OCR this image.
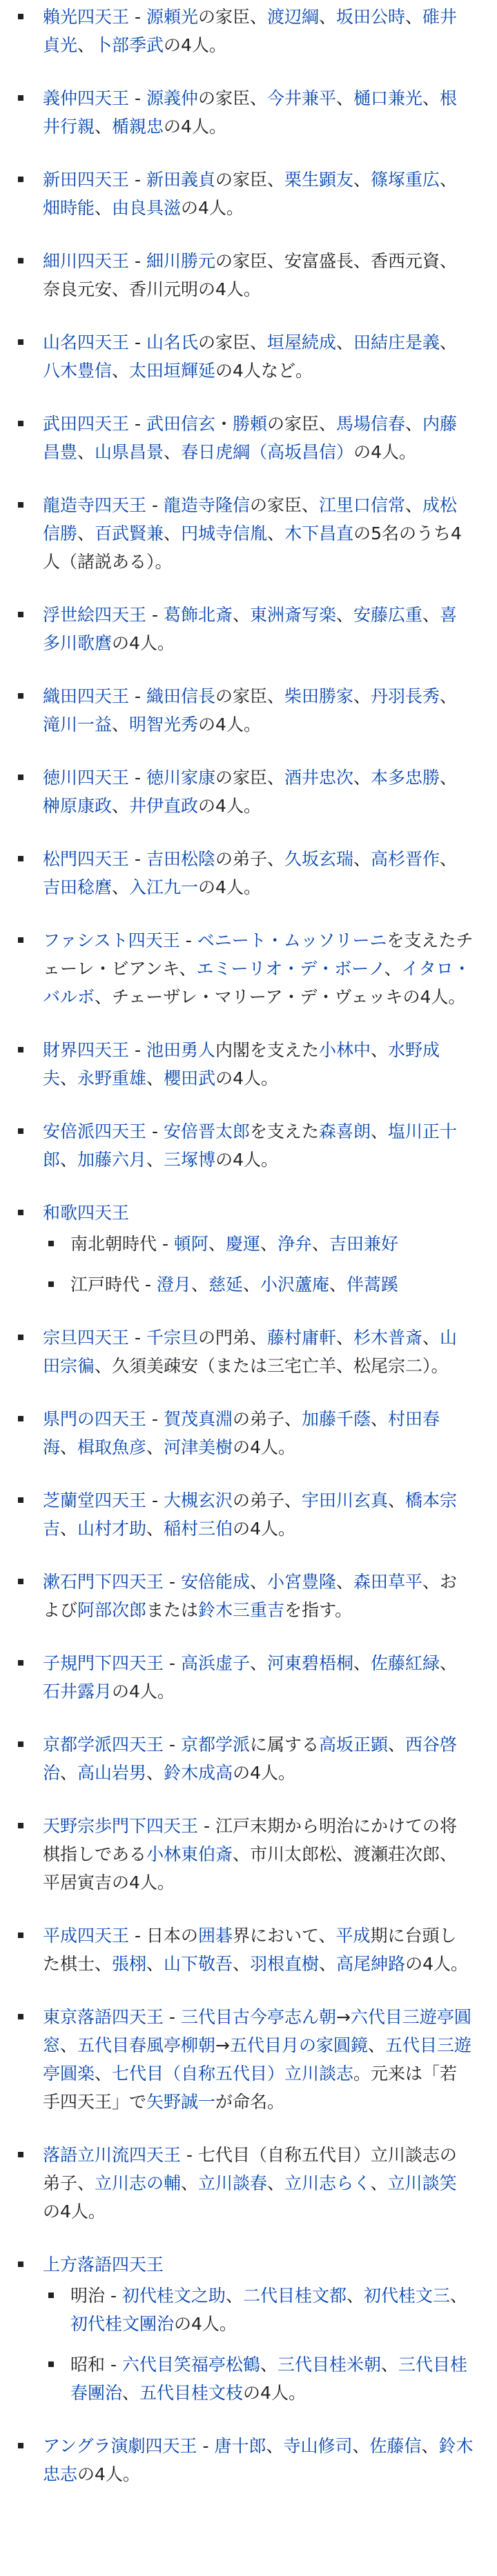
賴光四天王 - 源頼光の家臣、渡辺綱、坂田公時、碓井貞光、卜部季武の4人。
義仲四天王 - 源義仲の家臣、今井兼平、樋口兼光、根井行親、楯親忠の4人。
新田四天王 - 新田義貞の家臣、栗生顕友、篠塚重広、畑時能、由良具滋の4人。
細川四天王 - 細川勝元の家臣、安富盛長、香西元資、奈良元安、香川元明の4人。
山名四天王 - 山名氏の家臣、垣屋続成、田結庄是義、八木豊信、太田垣輝延の4人など。
武田四天王 - 武田信玄・勝頼の家臣、馬場信春、内藤昌豊、山県昌景、春日虎綱（高坂昌信）の4人。
龍造寺四天王 - 龍造寺隆信の家臣、江里口信常、成松信勝、百武賢兼、円城寺信胤、木下昌直の5名のうち4人（諸説ある）。
浮世絵四天王 - 葛飾北斎、東洲斎写楽、安藤広重、喜多川歌麿の4人。
織田四天王 - 織田信長の家臣、柴田勝家、丹羽長秀、滝川一益、明智光秀の4人。
徳川四天王 - 徳川家康の家臣、酒井忠次、本多忠勝、榊原康政、井伊直政の4人。
松門四天王 - 吉田松陰の弟子、久坂玄瑞、高杉晋作、吉田稔麿、入江九一の4人。
ファシスト四天王 - ベニート・ムッソリーニを支えたチェーレ・ビアンキ、エミーリオ・デ・ボーノ、イタロ・バルボ、チェーザレ・マリーア・デ・ヴェッキの4人。
財界四天王 - 池田勇人内閣を支えた小林中、水野成夫、永野重雄、櫻田武の4人。
安倍派四天王 - 安倍晋太郎を支えた森喜朗、塩川正十郎、加藤六月、三塚博の4人。
和歌四天王
南北朝時代 - 頓阿、慶運、浄弁、吉田兼好
江戸時代 - 澄月、慈延、小沢蘆庵、伴蒿蹊
宗旦四天王 - 千宗旦の門弟、藤村庸軒、杉木普斎、山田宗徧、久須美疎安（または三宅亡羊、松尾宗二）。
県門の四天王 - 賀茂真淵の弟子、加藤千蔭、村田春海、楫取魚彦、河津美樹の4人。
芝蘭堂四天王 - 大槻玄沢の弟子、宇田川玄真、橋本宗吉、山村才助、稲村三伯の4人。
漱石門下四天王 - 安倍能成、小宮豊隆、森田草平、および阿部次郎または鈴木三重吉を指す。
子規門下四天王 - 高浜虚子、河東碧梧桐、佐藤紅緑、石井露月の4人。
京都学派四天王 - 京都学派に属する高坂正顕、西谷啓治、高山岩男、鈴木成高の4人。
天野宗歩門下四天王 - 江戸末期から明治にかけての将棋指しである小林東伯斎、市川太郎松、渡瀬荘次郎、平居寅吉の4人。
平成四天王 - 日本の囲碁界において、平成期に台頭した棋士、張栩、山下敬吾、羽根直樹、高尾紳路の4人。
東京落語四天王 - 三代目古今亭志ん朝→六代目三遊亭圓窓、五代目春風亭柳朝→五代目月の家圓鏡、五代目三遊亭圓楽、七代目（自称五代目）立川談志。元来は「若手四天王」で矢野誠一が命名。
落語立川流四天王 - 七代目（自称五代目）立川談志の弟子、立川志の輔、立川談春、立川志らく、立川談笑の4人。
上方落語四天王
明治 - 初代桂文之助、二代目桂文都、初代桂文三、初代桂文團治の4人。
昭和 - 六代目笑福亭松鶴、三代目桂米朝、三代目桂春團治、五代目桂文枝の4人。
アングラ演劇四天王 - 唐十郎、寺山修司、佐藤信、鈴木忠志の4人。
